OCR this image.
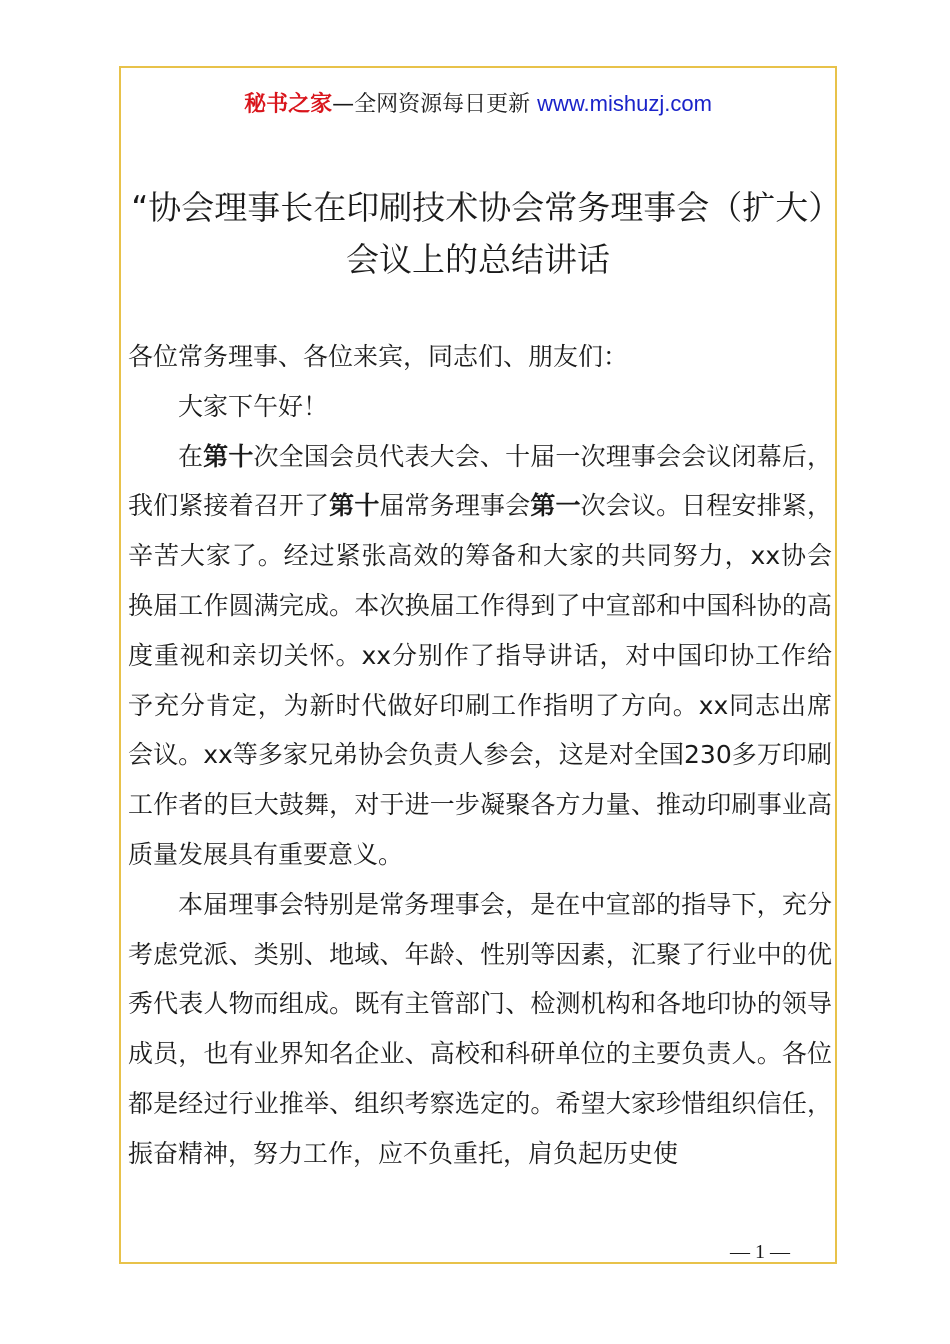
秘书之家—全网资源每日更新 www.mishuzj.com
“协会理事长在印刷技术协会常务理事会（扩大）会议上的总结讲话

各位常务理事、各位来宾，同志们、朋友们：

大家下午好！

在第十次全国会员代表大会、十届一次理事会会议闭幕后，我们紧接着召开了第十届常务理事会第一次会议。日程安排紧，辛苦大家了。经过紧张高效的筹备和大家的共同努力，xx协会换届工作圆满完成。本次换届工作得到了中宣部和中国科协的高度重视和亲切关怀。xx分别作了指导讲话，对中国印协工作给予充分肯定，为新时代做好印刷工作指明了方向。xx同志出席会议。xx等多家兄弟协会负责人参会，这是对全国230多万印刷工作者的巨大鼓舞，对于进一步凝聚各方力量、推动印刷事业高质量发展具有重要意义。

本届理事会特别是常务理事会，是在中宣部的指导下，充分考虑党派、类别、地域、年龄、性别等因素，汇聚了行业中的优秀代表人物而组成。既有主管部门、检测机构和各地印协的领导成员，也有业界知名企业、高校和科研单位的主要负责人。各位都是经过行业推举、组织考察选定的。希望大家珍惜组织信任，振奋精神，努力工作，应不负重托，肩负起历史使

— 1 —
